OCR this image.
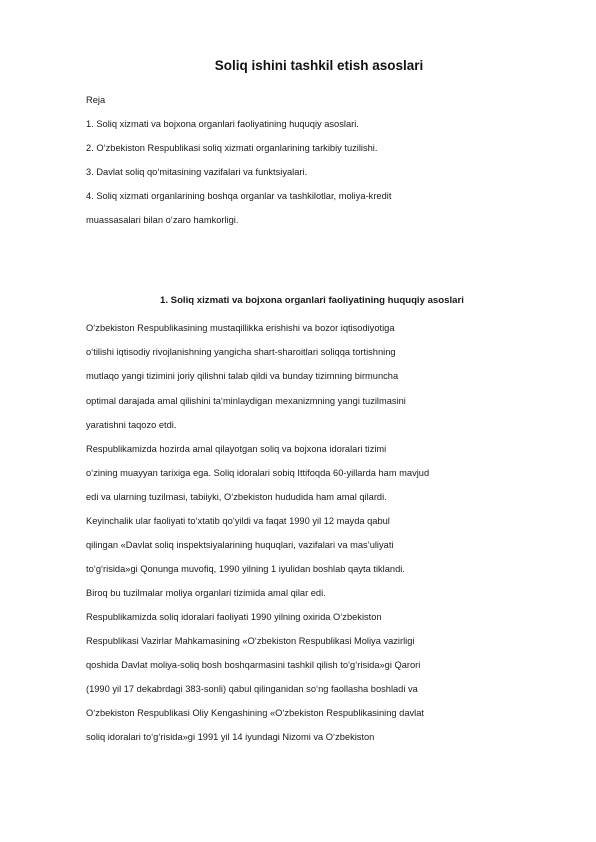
Soliq ishini tashkil etish asoslari
Reja
1. Soliq xizmati va bojxona organlari faoliyatining huquqiy asoslari.
2. O‘zbekiston Respublikasi soliq xizmati organlarining tarkibiy tuzilishi.
3. Davlat soliq qo‘mitasining vazifalari va funktsiyalari.
4. Soliq xizmati organlarining boshqa organlar va tashkilotlar, moliya-kredit
muassasalari bilan o‘zaro hamkorligi.
1. Soliq xizmati va bojxona organlari faoliyatining huquqiy asoslari
O‘zbekiston Respublikasining mustaqillikka erishishi va bozor iqtisodiyotiga
o‘tilishi iqtisodiy rivojlanishning yangicha shart-sharoitlari soliqqa tortishning
mutlaqo yangi tizimini joriy qilishni talab qildi va bunday tizimning birmuncha
optimal darajada amal qilishini ta‘minlaydigan mexanizmning yangi tuzilmasini
yaratishni taqozo etdi.
Respublikamizda hozirda amal qilayotgan soliq va bojxona idoralari tizimi
o‘zining muayyan tarixiga ega. Soliq idoralari sobiq Ittifoqda 60-yillarda ham mavjud
edi va ularning tuzilmasi, tabiiyki, O‘zbekiston hududida ham amal qilardi.
Keyinchalik ular faoliyati to‘xtatib qo‘yildi va faqat 1990 yil 12 mayda qabul
qilingan «Davlat soliq inspektsiyalarining huquqlari, vazifalari va mas’uliyati
to‘g‘risida»gi Qonunga muvofiq, 1990 yilning 1 iyulidan boshlab qayta tiklandi.
Biroq bu tuzilmalar moliya organlari tizimida amal qilar edi.
Respublikamizda soliq idoralari faoliyati 1990 yilning oxirida O‘zbekiston
Respublikasi Vazirlar Mahkamasining «O‘zbekiston Respublikasi Moliya vazirligi
qoshida Davlat moliya-soliq bosh boshqarmasini tashkil qilish to‘g‘risida»gi Qarori
(1990 yil 17 dekabrdagi 383-sonli) qabul qilinganidan so‘ng faollasha boshladi va
O‘zbekiston Respublikasi Oliy Kengashining «O‘zbekiston Respublikasining davlat
soliq idoralari to‘g‘risida»gi 1991 yil 14 iyundagi Nizomi va O‘zbekiston
